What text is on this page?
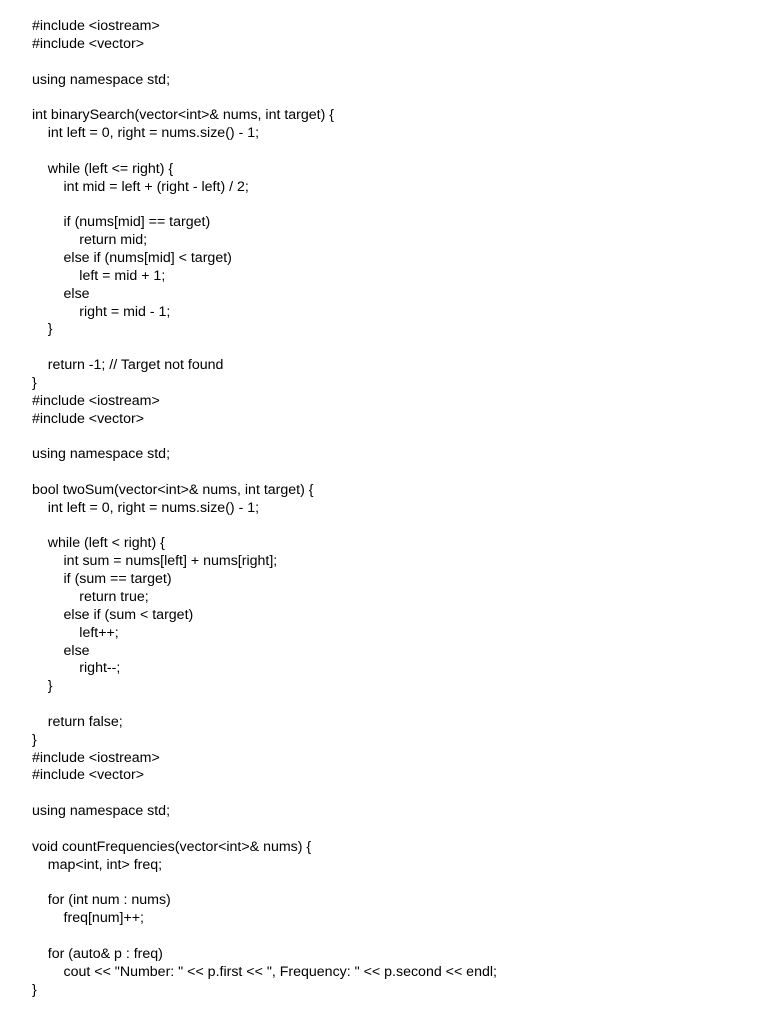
#include <iostream>
#include <vector>
using namespace std;
int binarySearch(vector<int>& nums, int target) {
int left = 0, right = nums.size() - 1;
while (left <= right) {
int mid = left + (right - left) / 2;
if (nums[mid] == target)
return mid;
else if (nums[mid] < target)
left = mid + 1;
else
right = mid - 1;
}
return -1; // Target not found
}
#include <iostream>
#include <vector>
using namespace std;
bool twoSum(vector<int>& nums, int target) {
int left = 0, right = nums.size() - 1;
while (left < right) {
int sum = nums[left] + nums[right];
if (sum == target)
return true;
else if (sum < target)
left++;
else
right--;
}
return false;
}
#include <iostream>
#include <vector>
using namespace std;
void countFrequencies(vector<int>& nums) {
map<int, int> freq;
for (int num : nums)
freq[num]++;
for (auto& p : freq)
cout << "Number: " << p.first << ", Frequency: " << p.second << endl;
}
